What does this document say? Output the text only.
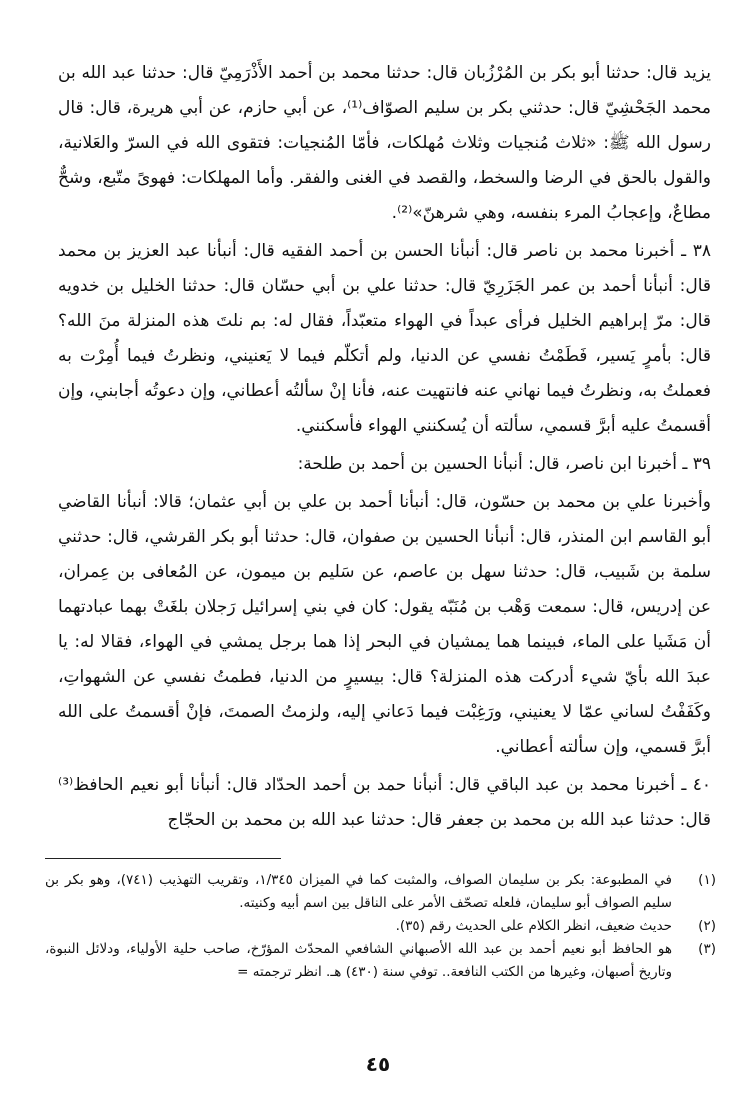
يزيد قال: حدثنا أبو بكر بن المُرْزُبان قال: حدثنا محمد بن أحمد الأَذْرَمِيّ قال: حدثنا عبد الله بن محمد الجَحْشِيّ قال: حدثني بكر بن سليم الصوّاف⁽¹⁾، عن أبي حازم، عن أبي هريرة، قال: قال رسول الله ﷺ: «ثلاث مُنجيات وثلاث مُهلكات، فأمّا المُنجيات: فتقوى الله في السرّ والعَلانية، والقول بالحق في الرضا والسخط، والقصد في الغنى والفقر. وأما المهلكات: فهوىً متّبع، وشحٌّ مطاعٌ، وإعجابُ المرء بنفسه، وهي شرهنّ»⁽²⁾.

٣٨ ـ أخبرنا محمد بن ناصر قال: أنبأنا الحسن بن أحمد الفقيه قال: أنبأنا عبد العزيز بن محمد قال: أنبأنا أحمد بن عمر الجَزَرِيّ قال: حدثنا علي بن أبي حسّان قال: حدثنا الخليل بن خدويه قال: مرّ إبراهيم الخليل فرأى عبداً في الهواء متعبّداً، فقال له: بم نلتَ هذه المنزلة منَ الله؟ قال: بأمرٍ يَسير، فَطَمْتُ نفسي عن الدنيا، ولم أتكلّم فيما لا يَعنيني، ونظرتُ فيما أُمِرْت به فعملتُ به، ونظرتُ فيما نهاني عنه فانتهيت عنه، فأنا إنْ سألتُه أعطاني، وإن دعوتُه أجابني، وإن أقسمتُ عليه أبرَّ قسمي، سألته أن يُسكنني الهواء فأسكنني.

٣٩ ـ أخبرنا ابن ناصر، قال: أنبأنا الحسين بن أحمد بن طلحة:

وأخبرنا علي بن محمد بن حسّون، قال: أنبأنا أحمد بن علي بن أبي عثمان؛ قالا: أنبأنا القاضي أبو القاسم ابن المنذر، قال: أنبأنا الحسين بن صفوان، قال: حدثنا أبو بكر القرشي، قال: حدثني سلمة بن شَبيب، قال: حدثنا سهل بن عاصم، عن سَليم بن ميمون، عن المُعافى بن عِمران، عن إدريس، قال: سمعت وَهْب بن مُنَبّه يقول: كان في بني إسرائيل رَجلان بلغَتْ بهما عبادتهما أن مَشَيا على الماء، فبينما هما يمشيان في البحر إذا هما برجل يمشي في الهواء، فقالا له: يا عبدَ الله بأيّ شيء أدركت هذه المنزلة؟ قال: بيسيرٍ من الدنيا، فطمتُ نفسي عن الشهواتِ، وكَفَفْتُ لساني عمّا لا يعنيني، ورَغِبْت فيما دَعاني إليه، ولزمتُ الصمتَ، فإنْ أقسمتُ على الله أبرَّ قسمي، وإن سألته أعطاني.

٤٠ ـ أخبرنا محمد بن عبد الباقي قال: أنبأنا حمد بن أحمد الحدّاد قال: أنبأنا أبو نعيم الحافظ⁽³⁾ قال: حدثنا عبد الله بن محمد بن جعفر قال: حدثنا عبد الله بن محمد بن الحجّاج

(١)
في المطبوعة: بكر بن سليمان الصواف، والمثبت كما في الميزان ١/٣٤٥، وتقريب التهذيب (٧٤١)، وهو بكر بن سليم الصواف أبو سليمان، فلعله تصحّف الأمر على الناقل بين اسم أبيه وكنيته.
(٢)
حديث ضعيف، انظر الكلام على الحديث رقم (٣٥).
(٣)
هو الحافظ أبو نعيم أحمد بن عبد الله الأصبهاني الشافعي المحدّث المؤرّخ، صاحب حلية الأولياء، ودلائل النبوة، وتاريخ أصبهان، وغيرها من الكتب النافعة.. توفي سنة (٤٣٠) هـ. انظر ترجمته =
٤٥
